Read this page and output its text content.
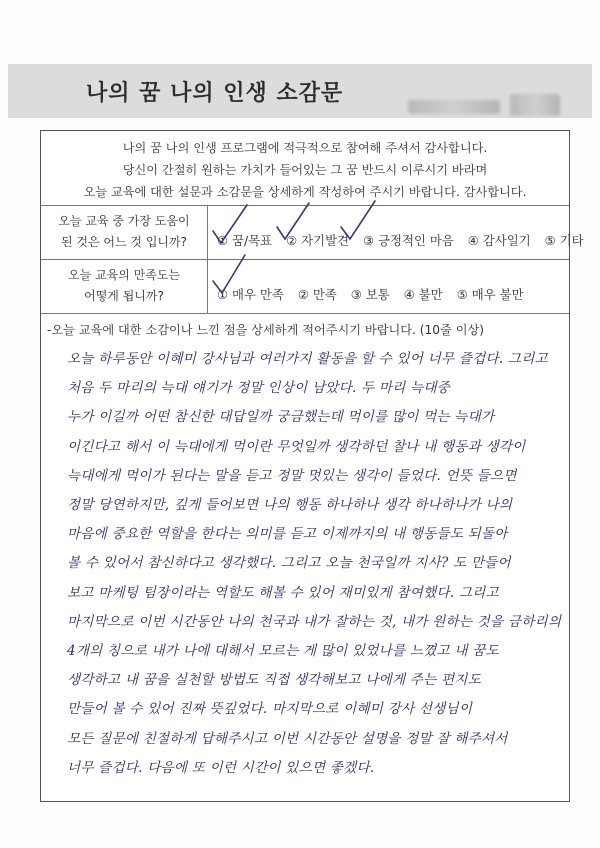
나의 꿈 나의 인생 소감문
나의 꿈 나의 인생 프로그램에 적극적으로 참여해 주셔서 감사합니다.
당신이 간절히 원하는 가치가 들어있는 그 꿈 반드시 이루시기 바라며
오늘 교육에 대한 설문과 소감문을 상세하게 작성하여 주시기 바랍니다. 감사합니다.
오늘 교육 중 가장 도움이
된 것은 어느 것 입니까?	① 꿈/목표 ② 자기발견 ③ 긍정적인 마음 ④ 감사일기 ⑤ 기타
오늘 교육의 만족도는
어떻게 됩니까?	① 매우 만족 ② 만족 ③ 보통 ④ 불만 ⑤ 매우 불만
-오늘 교육에 대한 소감이나 느낀 점을 상세하게 적어주시기 바랍니다. (10줄 이상)
오늘 하루동안 이혜미 강사님과 여러가지 활동을 할 수 있어 너무 즐겁다. 그리고
처음 두 마리의 늑대 얘기가 정말 인상이 남았다. 두 마리 늑대중
누가 이길까 어떤 참신한 대답일까 궁금했는데 먹이를 많이 먹는 늑대가
이긴다고 해서 이 늑대에게 먹이란 무엇일까 생각하던 찰나 내 행동과 생각이
늑대에게 먹이가 된다는 말을 듣고 정말 멋있는 생각이 들었다. 언뜻 들으면
정말 당연하지만, 깊게 들어보면 나의 행동 하나하나 생각 하나하나가 나의
마음에 중요한 역할을 한다는 의미를 듣고 이제까지의 내 행동들도 되돌아
볼 수 있어서 참신하다고 생각했다. 그리고 오늘 천국일까 지사? 도 만들어
보고 마케팅 팀장이라는 역할도 해볼 수 있어 재미있게 참여했다. 그리고
마지막으로 이번 시간동안 나의 천국과 내가 잘하는 것, 내가 원하는 것을 금하리의
4개의 칭으로 내가 나에 대해서 모르는 게 많이 있었나를 느꼈고 내 꿈도
생각하고 내 꿈을 실천할 방법도 직접 생각해보고 나에게 주는 편지도
만들어 볼 수 있어 진짜 뜻깊었다. 마지막으로 이혜미 강사 선생님이
모든 질문에 친절하게 답해주시고 이번 시간동안 설명을 정말 잘 해주셔서
너무 즐겁다. 다음에 또 이런 시간이 있으면 좋겠다.
